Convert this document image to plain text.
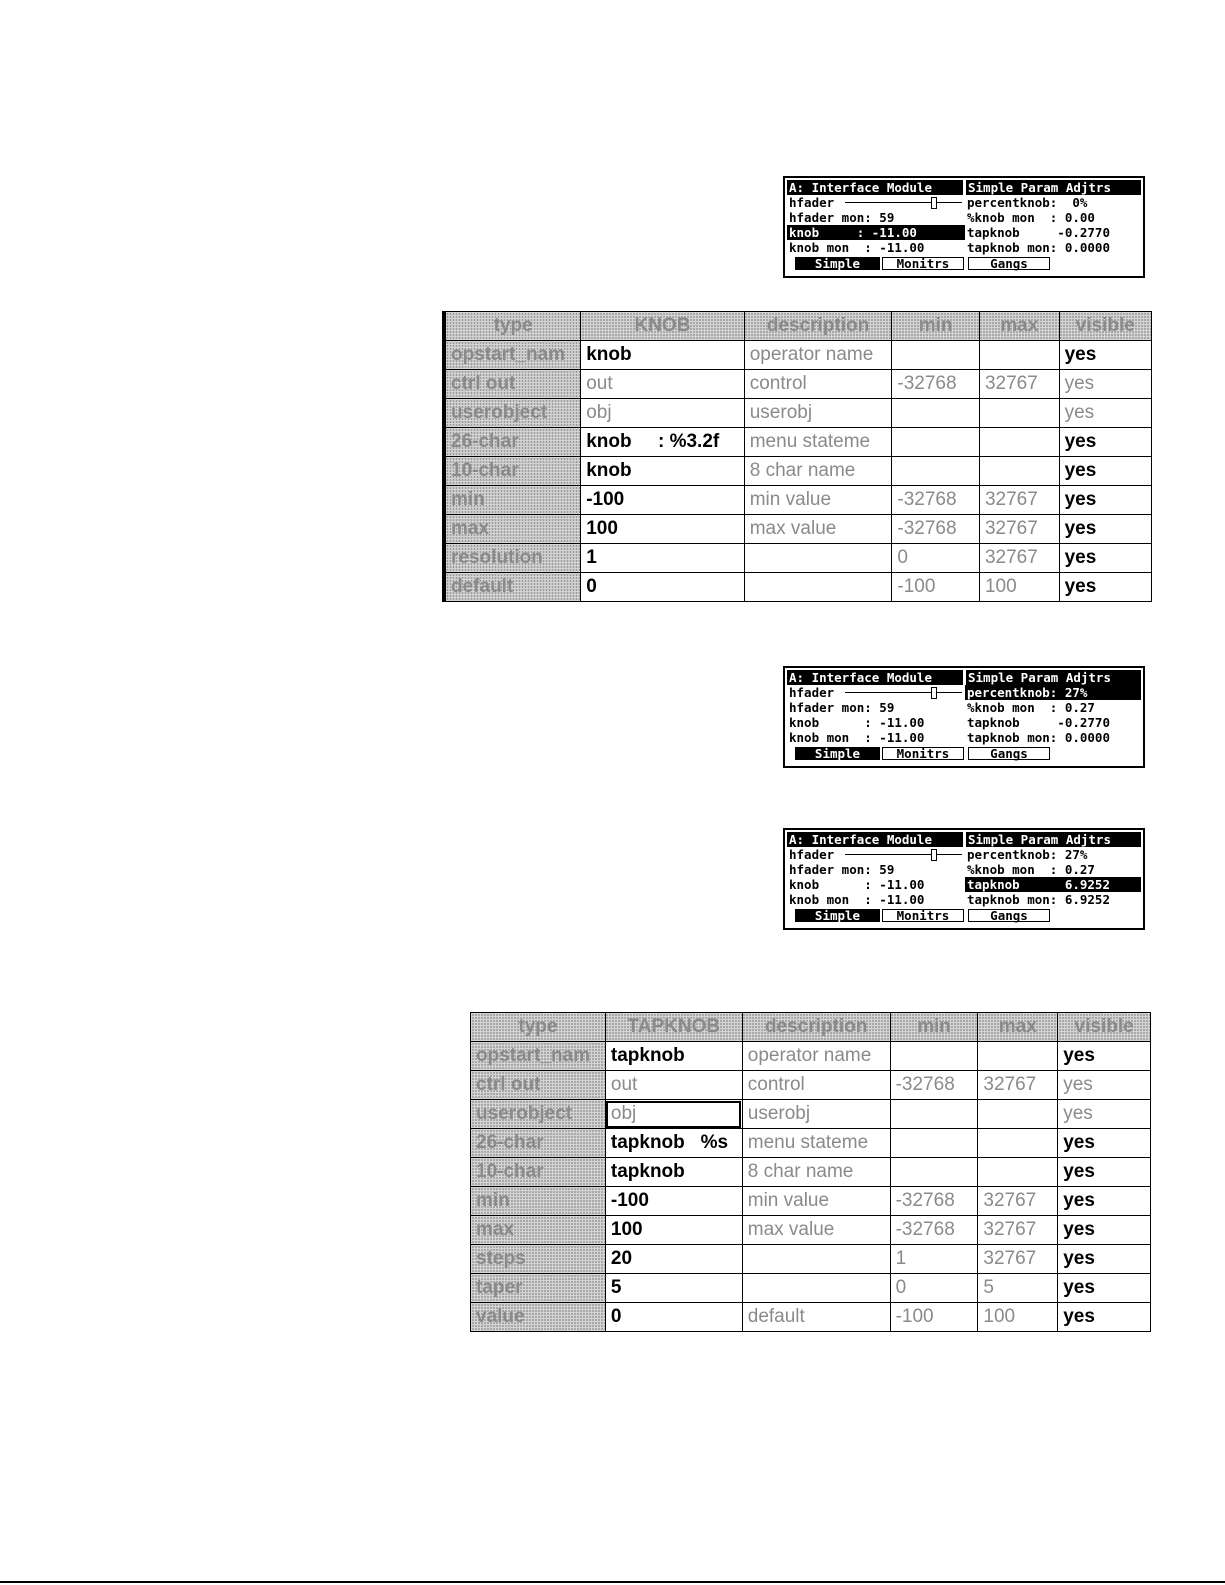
A: Interface Module	Simple Param Adjtrs
hfader	percentknob:  0%
hfader mon: 59	%knob mon  : 0.00
knob     : -11.00	tapknob     -0.2770
knob mon  : -11.00	tapknob mon: 0.0000
Simple	Monitrs	Gangs
type	KNOB	description	min	max	visible
opstart_nam	knob	operator name			yes
ctrl out	out	control	-32768	32767	yes
userobject	obj	userobj			yes
26-char	knob     : %3.2f	menu stateme			yes
10-char	knob	8 char name			yes
min	-100	min value	-32768	32767	yes
max	100	max value	-32768	32767	yes
resolution	1		0	32767	yes
default	0		-100	100	yes
A: Interface Module	Simple Param Adjtrs
hfader	percentknob: 27%
hfader mon: 59	%knob mon  : 0.27
knob      : -11.00	tapknob     -0.2770
knob mon  : -11.00	tapknob mon: 0.0000
Simple	Monitrs	Gangs
A: Interface Module	Simple Param Adjtrs
hfader	percentknob: 27%
hfader mon: 59	%knob mon  : 0.27
knob      : -11.00	tapknob      6.9252
knob mon  : -11.00	tapknob mon: 6.9252
Simple	Monitrs	Gangs
type	TAPKNOB	description	min	max	visible
opstart_nam	tapknob	operator name			yes
ctrl out	out	control	-32768	32767	yes
userobject	obj	userobj			yes
26-char	tapknob   %s	menu stateme			yes
10-char	tapknob	8 char name			yes
min	-100	min value	-32768	32767	yes
max	100	max value	-32768	32767	yes
steps	20		1	32767	yes
taper	5		0	5	yes
value	0	default	-100	100	yes
